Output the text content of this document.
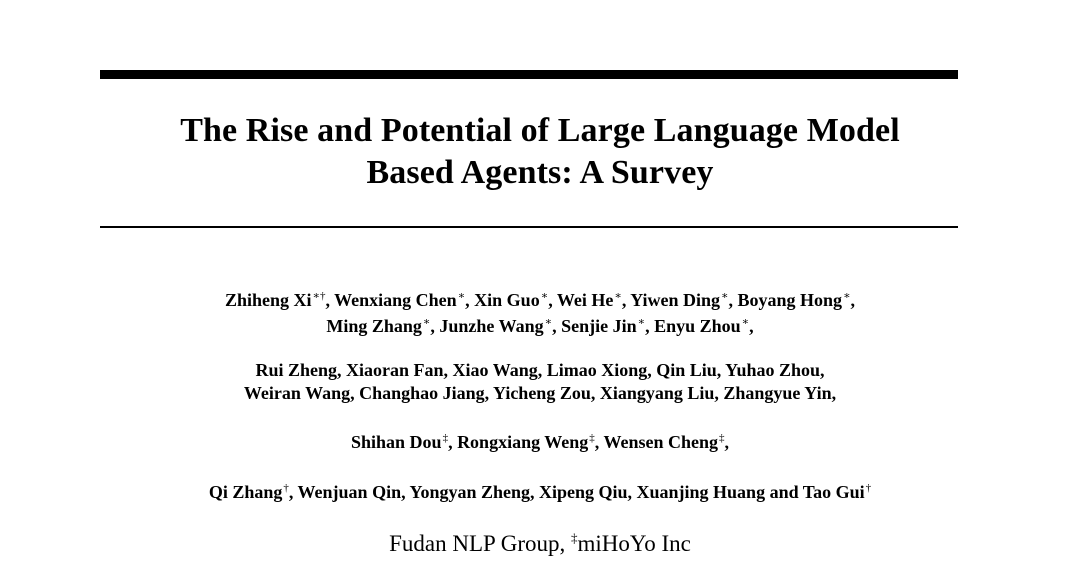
The Rise and Potential of Large Language Model
Based Agents: A Survey
Zhiheng Xi∗†, Wenxiang Chen∗, Xin Guo∗, Wei He∗, Yiwen Ding∗, Boyang Hong∗,
Ming Zhang∗, Junzhe Wang∗, Senjie Jin∗, Enyu Zhou∗,
Rui Zheng, Xiaoran Fan, Xiao Wang, Limao Xiong, Qin Liu, Yuhao Zhou,
Weiran Wang, Changhao Jiang, Yicheng Zou, Xiangyang Liu, Zhangyue Yin,
Shihan Dou‡, Rongxiang Weng‡, Wensen Cheng‡,
Qi Zhang†, Wenjuan Qin, Yongyan Zheng, Xipeng Qiu, Xuanjing Huang and Tao Gui†
Fudan NLP Group, ‡miHoYo Inc
